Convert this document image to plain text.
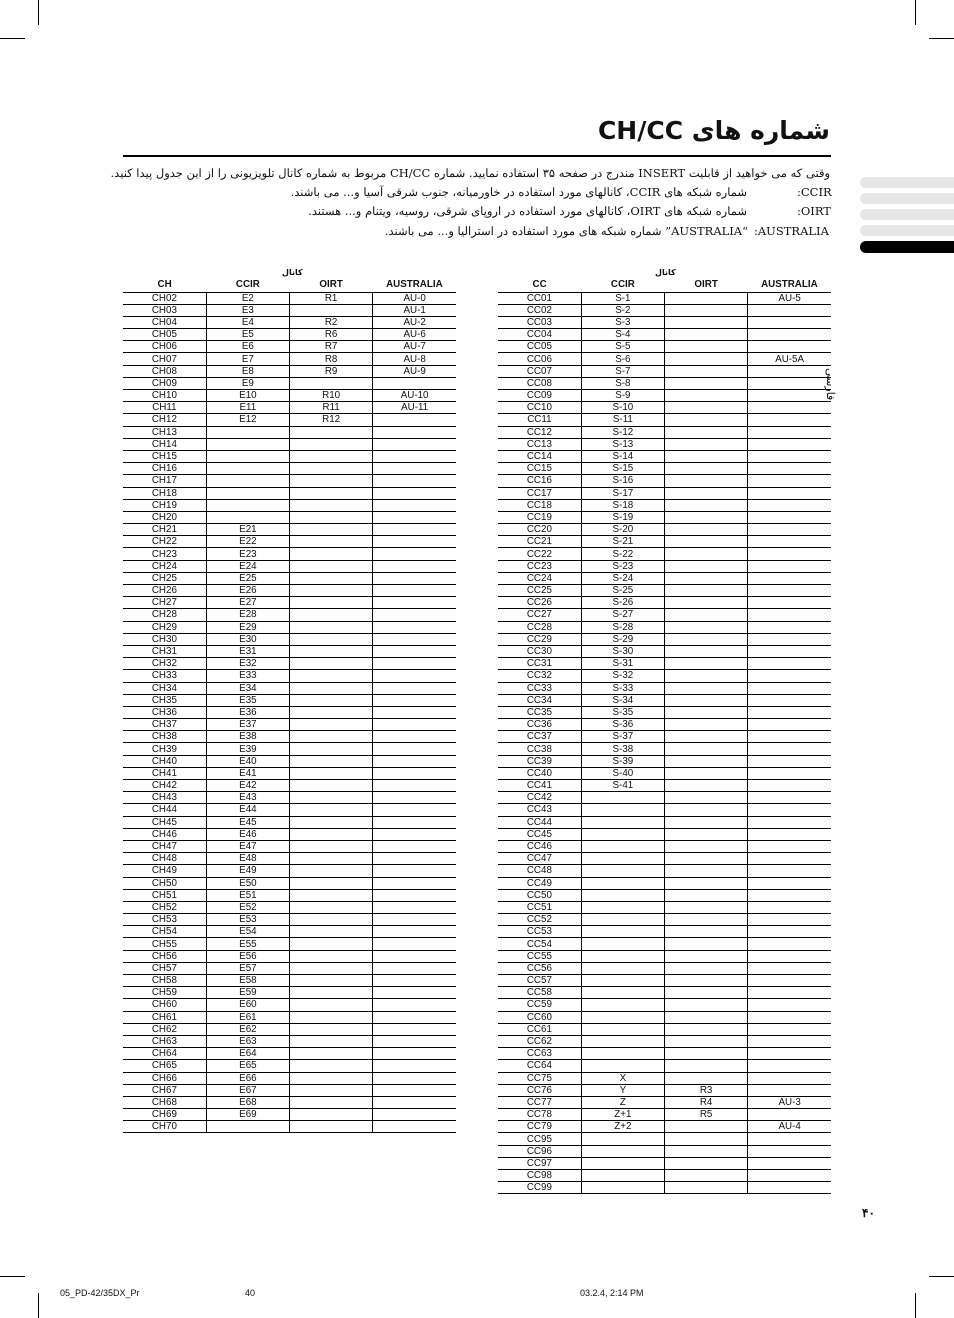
شماره های CH/CC
وقتی که می خواهید از قابلیت INSERT مندرج در صفحه ۳۵ استفاده نمایید. شماره CH/CC مربوط به شماره کانال تلویزیونی را از این جدول پیدا کنید.
:CCIR
شماره شبکه های CCIR، کانالهای مورد استفاده در خاورمیانه، جنوب شرقی آسیا و... می باشند.
:OIRT
شماره شبکه های OIRT، کانالهای مورد استفاده در اروپای شرقی، روسیه، ویتنام و... هستند.
:AUSTRALIA
“AUSTRALIA” شماره شبکه های مورد استفاده در استرالیا و... می باشند.
فارسی
کانال	کانال
CH	CCIR	OIRT	AUSTRALIA
CH02	E2	R1	AU-0
CH03	E3		AU-1
CH04	E4	R2	AU-2
CH05	E5	R6	AU-6
CH06	E6	R7	AU-7
CH07	E7	R8	AU-8
CH08	E8	R9	AU-9
CH09	E9		
CH10	E10	R10	AU-10
CH11	E11	R11	AU-11
CH12	E12	R12	
CH13			
CH14			
CH15			
CH16			
CH17			
CH18			
CH19			
CH20			
CH21	E21		
CH22	E22		
CH23	E23		
CH24	E24		
CH25	E25		
CH26	E26		
CH27	E27		
CH28	E28		
CH29	E29		
CH30	E30		
CH31	E31		
CH32	E32		
CH33	E33		
CH34	E34		
CH35	E35		
CH36	E36		
CH37	E37		
CH38	E38		
CH39	E39		
CH40	E40		
CH41	E41		
CH42	E42		
CH43	E43		
CH44	E44		
CH45	E45		
CH46	E46		
CH47	E47		
CH48	E48		
CH49	E49		
CH50	E50		
CH51	E51		
CH52	E52		
CH53	E53		
CH54	E54		
CH55	E55		
CH56	E56		
CH57	E57		
CH58	E58		
CH59	E59		
CH60	E60		
CH61	E61		
CH62	E62		
CH63	E63		
CH64	E64		
CH65	E65		
CH66	E66		
CH67	E67		
CH68	E68		
CH69	E69		
CH70			
CC	CCIR	OIRT	AUSTRALIA
CC01	S-1		AU-5
CC02	S-2		
CC03	S-3		
CC04	S-4		
CC05	S-5		
CC06	S-6		AU-5A
CC07	S-7		
CC08	S-8		
CC09	S-9		
CC10	S-10		
CC11	S-11		
CC12	S-12		
CC13	S-13		
CC14	S-14		
CC15	S-15		
CC16	S-16		
CC17	S-17		
CC18	S-18		
CC19	S-19		
CC20	S-20		
CC21	S-21		
CC22	S-22		
CC23	S-23		
CC24	S-24		
CC25	S-25		
CC26	S-26		
CC27	S-27		
CC28	S-28		
CC29	S-29		
CC30	S-30		
CC31	S-31		
CC32	S-32		
CC33	S-33		
CC34	S-34		
CC35	S-35		
CC36	S-36		
CC37	S-37		
CC38	S-38		
CC39	S-39		
CC40	S-40		
CC41	S-41		
CC42			
CC43			
CC44			
CC45			
CC46			
CC47			
CC48			
CC49			
CC50			
CC51			
CC52			
CC53			
CC54			
CC55			
CC56			
CC57			
CC58			
CC59			
CC60			
CC61			
CC62			
CC63			
CC64			
CC75	X		
CC76	Y	R3	
CC77	Z	R4	AU-3
CC78	Z+1	R5	
CC79	Z+2		AU-4
CC95			
CC96			
CC97			
CC98			
CC99			
۴۰
05_PD-42/35DX_Pr	40	03.2.4, 2:14 PM
